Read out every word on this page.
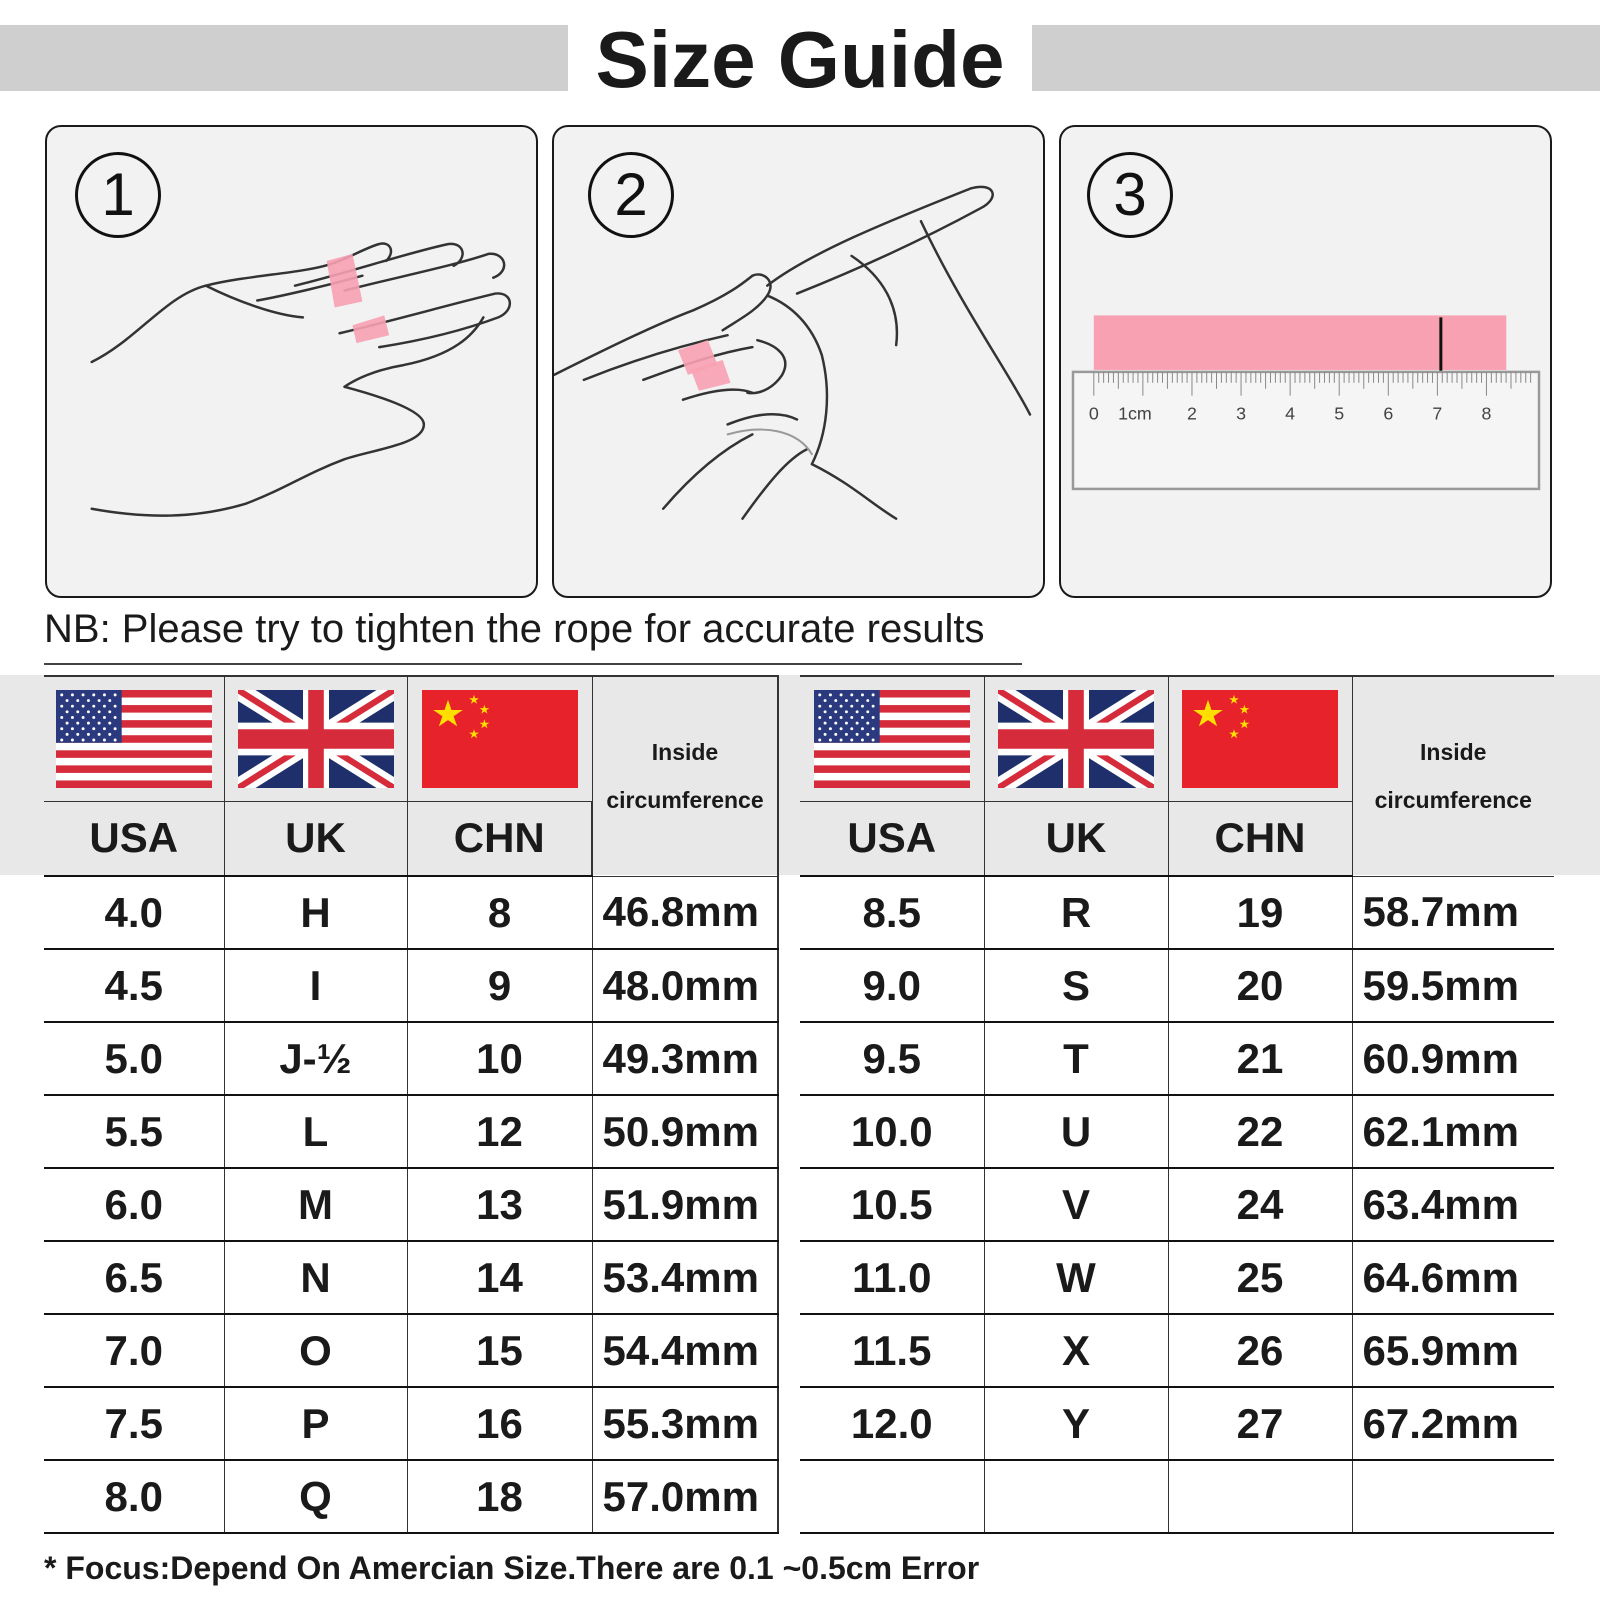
Size Guide
1	2
0 1cm 2 3 4 5 6 7 8
3
NB: Please try to tighten the rope for accurate results

Inside
circumference

USA	UK	CHN	
4.0	H	8	46.8mm
4.5	I	9	48.0mm
5.0	J-½	10	49.3mm
5.5	L	12	50.9mm
6.0	M	13	51.9mm
6.5	N	14	53.4mm
7.0	O	15	54.4mm
7.5	P	16	55.3mm
8.0	Q	18	57.0mm

Inside
circumference

USA	UK	CHN	
8.5	R	19	58.7mm
9.0	S	20	59.5mm
9.5	T	21	60.9mm
10.0	U	22	62.1mm
10.5	V	24	63.4mm
11.0	W	25	64.6mm
11.5	X	26	65.9mm
12.0	Y	27	67.2mm

* Focus:Depend On Amercian Size.There are 0.1 ~0.5cm Error
